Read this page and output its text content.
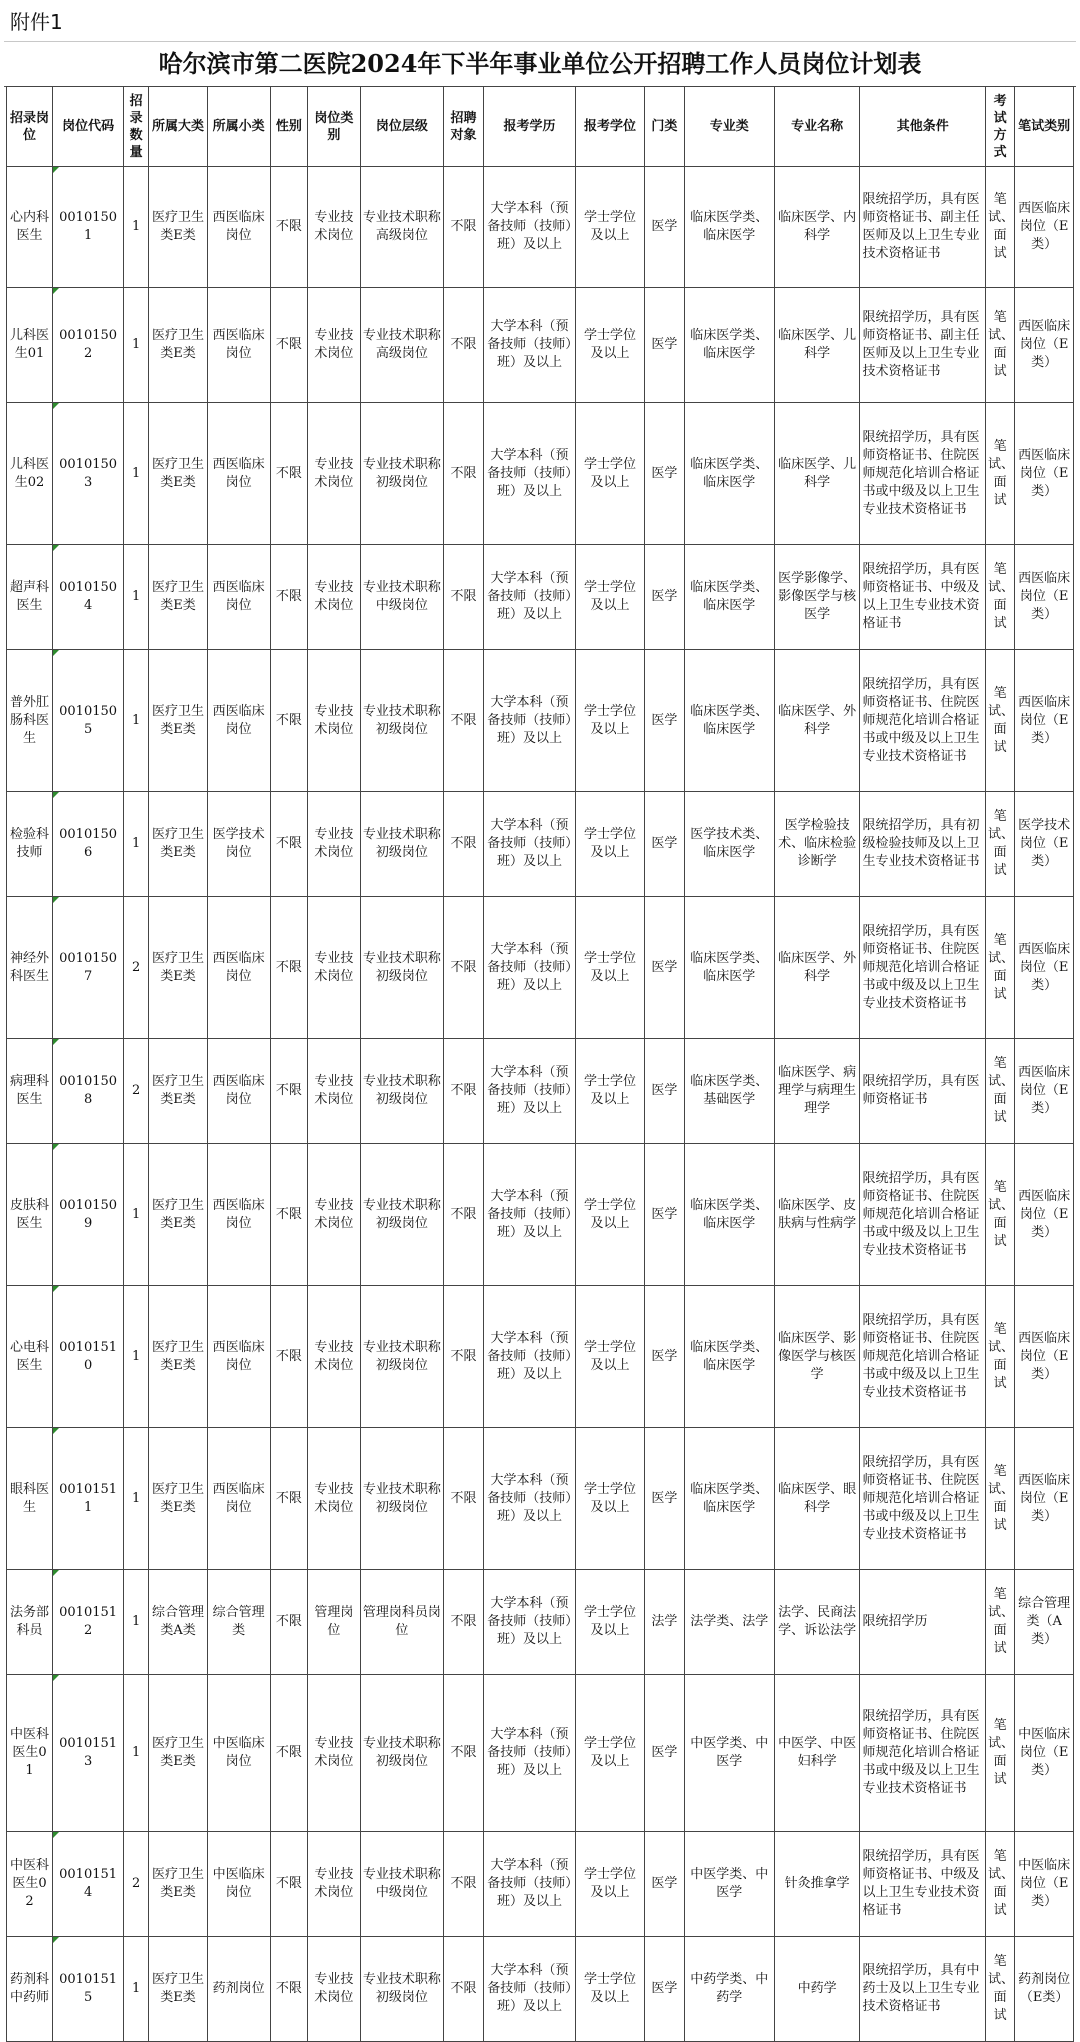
附件1
哈尔滨市第二医院2024年下半年事业单位公开招聘工作人员岗位计划表
招录岗位	岗位代码	招录数量	所属大类	所属小类	性别	岗位类别	岗位层级	招聘对象	报考学历	报考学位	门类	专业类	专业名称	其他条件	考试方式	笔试类别
心内科医生	00101501	1	医疗卫生类E类	西医临床岗位	不限	专业技术岗位	专业技术职称高级岗位	不限	大学本科（预备技师（技师）班）及以上	学士学位及以上	医学	临床医学类、临床医学	临床医学、内科学	限统招学历，具有医师资格证书、副主任医师及以上卫生专业技术资格证书	笔试、面试	西医临床岗位（E类）
儿科医生01	00101502	1	医疗卫生类E类	西医临床岗位	不限	专业技术岗位	专业技术职称高级岗位	不限	大学本科（预备技师（技师）班）及以上	学士学位及以上	医学	临床医学类、临床医学	临床医学、儿科学	限统招学历，具有医师资格证书、副主任医师及以上卫生专业技术资格证书	笔试、面试	西医临床岗位（E类）
儿科医生02	00101503	1	医疗卫生类E类	西医临床岗位	不限	专业技术岗位	专业技术职称初级岗位	不限	大学本科（预备技师（技师）班）及以上	学士学位及以上	医学	临床医学类、临床医学	临床医学、儿科学	限统招学历，具有医师资格证书、住院医师规范化培训合格证书或中级及以上卫生专业技术资格证书	笔试、面试	西医临床岗位（E类）
超声科医生	00101504	1	医疗卫生类E类	西医临床岗位	不限	专业技术岗位	专业技术职称中级岗位	不限	大学本科（预备技师（技师）班）及以上	学士学位及以上	医学	临床医学类、临床医学	医学影像学、影像医学与核医学	限统招学历，具有医师资格证书、中级及以上卫生专业技术资格证书	笔试、面试	西医临床岗位（E类）
普外肛肠科医生	00101505	1	医疗卫生类E类	西医临床岗位	不限	专业技术岗位	专业技术职称初级岗位	不限	大学本科（预备技师（技师）班）及以上	学士学位及以上	医学	临床医学类、临床医学	临床医学、外科学	限统招学历，具有医师资格证书、住院医师规范化培训合格证书或中级及以上卫生专业技术资格证书	笔试、面试	西医临床岗位（E类）
检验科技师	00101506	1	医疗卫生类E类	医学技术岗位	不限	专业技术岗位	专业技术职称初级岗位	不限	大学本科（预备技师（技师）班）及以上	学士学位及以上	医学	医学技术类、临床医学	医学检验技术、临床检验诊断学	限统招学历，具有初级检验技师及以上卫生专业技术资格证书	笔试、面试	医学技术岗位（E类）
神经外科医生	00101507	2	医疗卫生类E类	西医临床岗位	不限	专业技术岗位	专业技术职称初级岗位	不限	大学本科（预备技师（技师）班）及以上	学士学位及以上	医学	临床医学类、临床医学	临床医学、外科学	限统招学历，具有医师资格证书、住院医师规范化培训合格证书或中级及以上卫生专业技术资格证书	笔试、面试	西医临床岗位（E类）
病理科医生	00101508	2	医疗卫生类E类	西医临床岗位	不限	专业技术岗位	专业技术职称初级岗位	不限	大学本科（预备技师（技师）班）及以上	学士学位及以上	医学	临床医学类、基础医学	临床医学、病理学与病理生理学	限统招学历，具有医师资格证书	笔试、面试	西医临床岗位（E类）
皮肤科医生	00101509	1	医疗卫生类E类	西医临床岗位	不限	专业技术岗位	专业技术职称初级岗位	不限	大学本科（预备技师（技师）班）及以上	学士学位及以上	医学	临床医学类、临床医学	临床医学、皮肤病与性病学	限统招学历，具有医师资格证书、住院医师规范化培训合格证书或中级及以上卫生专业技术资格证书	笔试、面试	西医临床岗位（E类）
心电科医生	00101510	1	医疗卫生类E类	西医临床岗位	不限	专业技术岗位	专业技术职称初级岗位	不限	大学本科（预备技师（技师）班）及以上	学士学位及以上	医学	临床医学类、临床医学	临床医学、影像医学与核医学	限统招学历，具有医师资格证书、住院医师规范化培训合格证书或中级及以上卫生专业技术资格证书	笔试、面试	西医临床岗位（E类）
眼科医生	00101511	1	医疗卫生类E类	西医临床岗位	不限	专业技术岗位	专业技术职称初级岗位	不限	大学本科（预备技师（技师）班）及以上	学士学位及以上	医学	临床医学类、临床医学	临床医学、眼科学	限统招学历，具有医师资格证书、住院医师规范化培训合格证书或中级及以上卫生专业技术资格证书	笔试、面试	西医临床岗位（E类）
法务部科员	00101512	1	综合管理类A类	综合管理类	不限	管理岗位	管理岗科员岗位	不限	大学本科（预备技师（技师）班）及以上	学士学位及以上	法学	法学类、法学	法学、民商法学、诉讼法学	限统招学历	笔试、面试	综合管理类（A类）
中医科医生01	00101513	1	医疗卫生类E类	中医临床岗位	不限	专业技术岗位	专业技术职称初级岗位	不限	大学本科（预备技师（技师）班）及以上	学士学位及以上	医学	中医学类、中医学	中医学、中医妇科学	限统招学历，具有医师资格证书、住院医师规范化培训合格证书或中级及以上卫生专业技术资格证书	笔试、面试	中医临床岗位（E类）
中医科医生02	00101514	2	医疗卫生类E类	中医临床岗位	不限	专业技术岗位	专业技术职称中级岗位	不限	大学本科（预备技师（技师）班）及以上	学士学位及以上	医学	中医学类、中医学	针灸推拿学	限统招学历，具有医师资格证书、中级及以上卫生专业技术资格证书	笔试、面试	中医临床岗位（E类）
药剂科中药师	00101515	1	医疗卫生类E类	药剂岗位	不限	专业技术岗位	专业技术职称初级岗位	不限	大学本科（预备技师（技师）班）及以上	学士学位及以上	医学	中药学类、中药学	中药学	限统招学历，具有中药士及以上卫生专业技术资格证书	笔试、面试	药剂岗位（E类）
